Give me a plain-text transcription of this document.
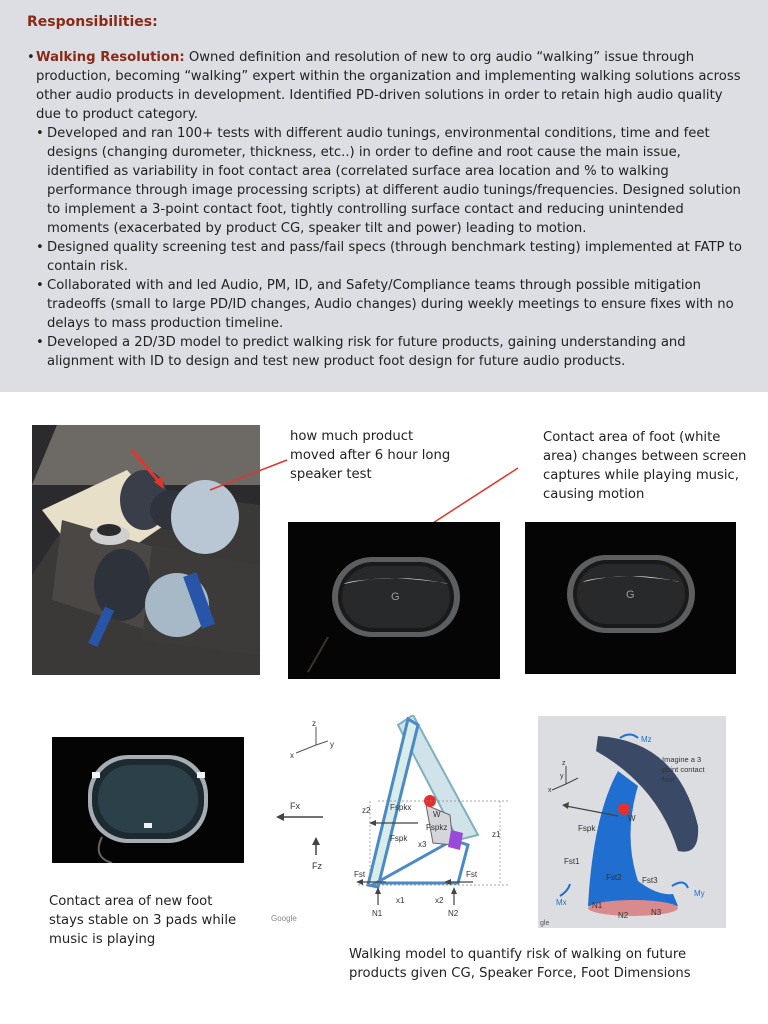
Responsibilities:

• Walking Resolution: Owned definition and resolution of new to org audio “walking” issue through production, becoming “walking” expert within the organization and implementing walking solutions across other audio products in development. Identified PD-driven solutions in order to retain high audio quality due to product category.

• Developed and ran 100+ tests with different audio tunings, environmental conditions, time and feet designs (changing durometer, thickness, etc..) in order to define and root cause the main issue, identified as variability in foot contact area (correlated surface area location and % to walking performance through image processing scripts) at different audio tunings/frequencies. Designed solution to implement a 3-point contact foot, tightly controlling surface contact and reducing unintended moments (exacerbated by product CG, speaker tilt and power) leading to motion.

• Designed quality screening test and pass/fail specs (through benchmark testing) implemented at FATP to contain risk.

• Collaborated with and led Audio, PM, ID, and Safety/Compliance teams through possible mitigation tradeoffs (small to large PD/ID changes, Audio changes) during weekly meetings to ensure fixes with no delays to mass production timeline.

• Developed a 2D/3D model to predict walking risk for future products, gaining understanding and alignment with ID to design and test new product foot design for future audio products.

how much product moved after 6 hour long speaker test
Contact area of foot (white area) changes between screen captures while playing music, causing motion
G	G
Contact area of new foot stays stable on 3 pads while music is playing
z
y
x
Fx
Fz
Fspkx
W
Fspkz
Fspk
z2
z1
x3
Fst	Fst
N1	N2
x1	x2
Google
z
y
x
Mz
Imagine a 3
point contact
foot
W
Fspk
Fst1
Fst2	Fst3
Mx
My
N1
N2	N3
gle
Walking model to quantify risk of walking on future products given CG, Speaker Force, Foot Dimensions
